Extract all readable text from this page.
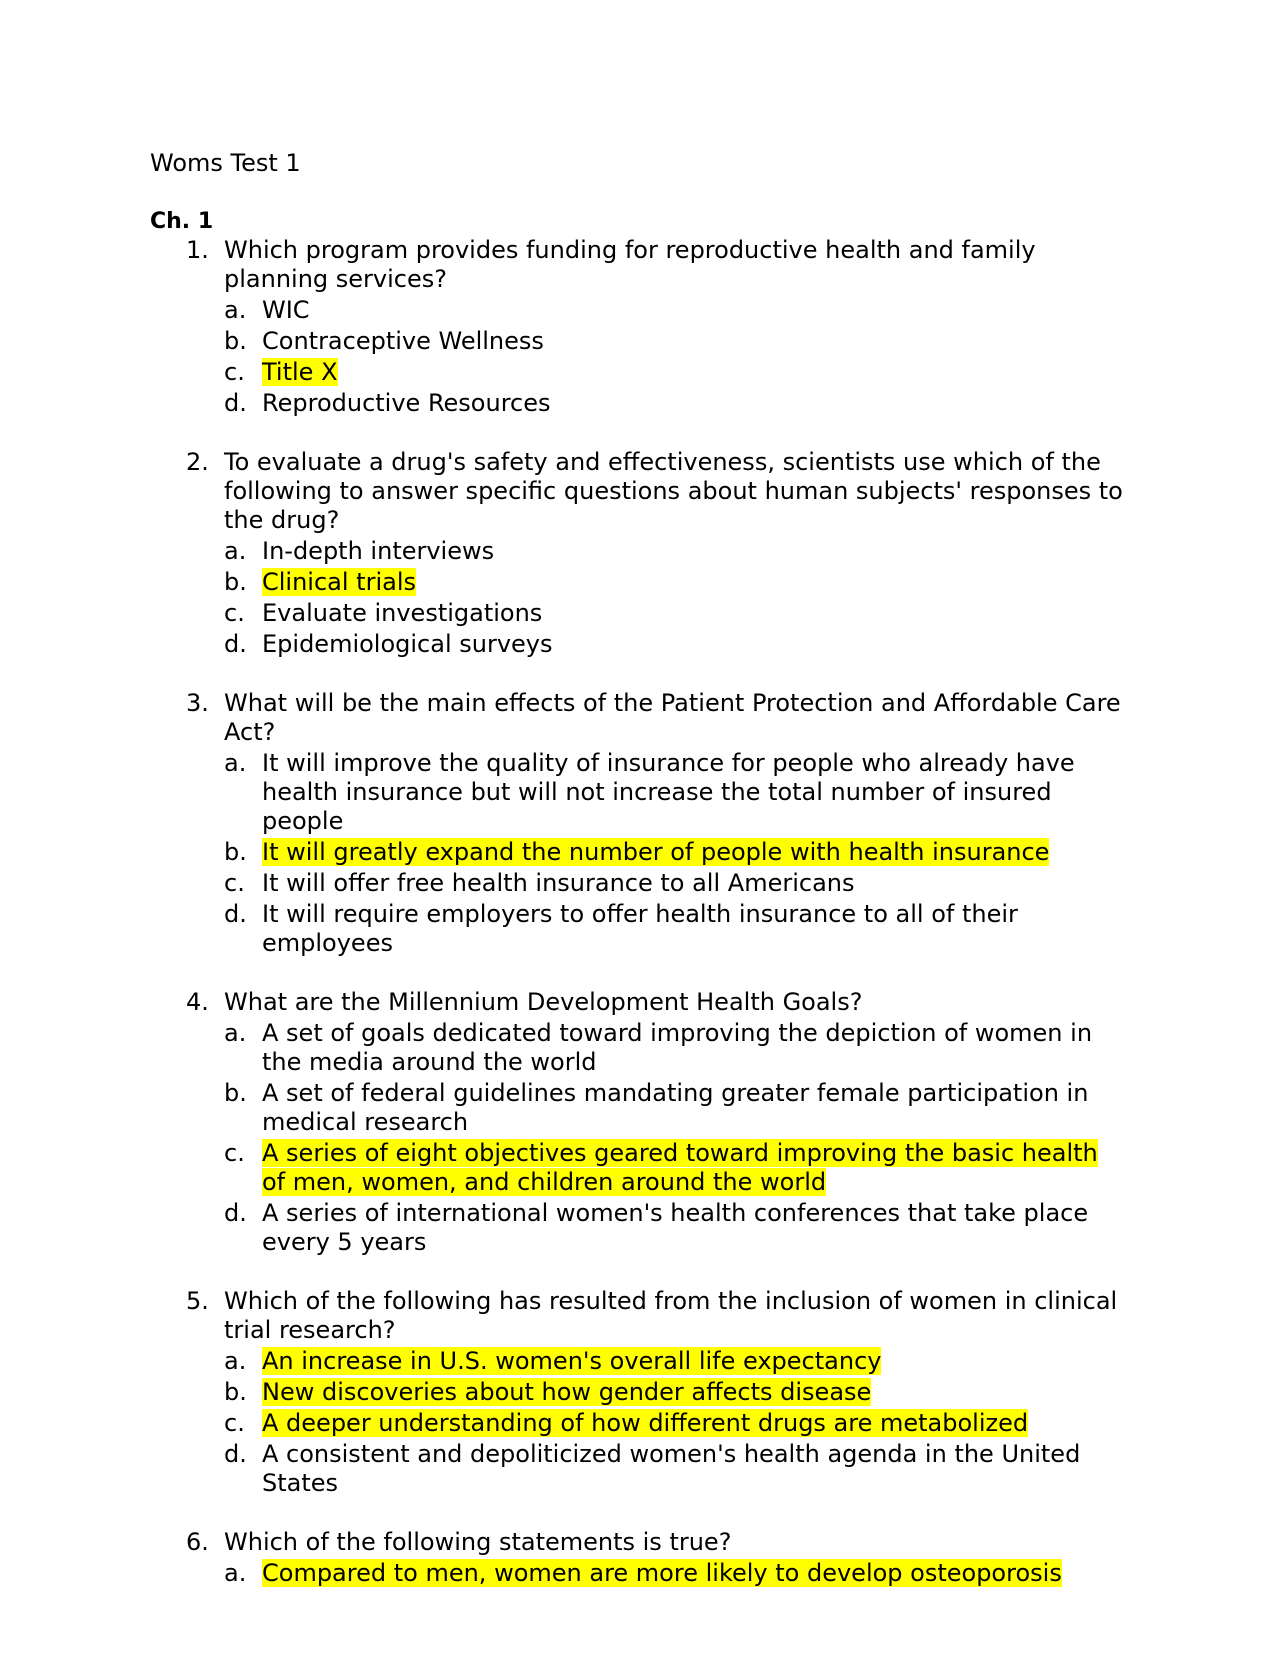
Woms Test 1
Ch. 1
1. Which program provides funding for reproductive health and family planning services?
a. WIC
b. Contraceptive Wellness
c. Title X
d. Reproductive Resources
2. To evaluate a drug's safety and effectiveness, scientists use which of the following to answer specific questions about human subjects' responses to the drug?
a. In-depth interviews
b. Clinical trials
c. Evaluate investigations
d. Epidemiological surveys
3. What will be the main effects of the Patient Protection and Affordable Care Act?
a. It will improve the quality of insurance for people who already have health insurance but will not increase the total number of insured people
b. It will greatly expand the number of people with health insurance
c. It will offer free health insurance to all Americans
d. It will require employers to offer health insurance to all of their employees
4. What are the Millennium Development Health Goals?
a. A set of goals dedicated toward improving the depiction of women in the media around the world
b. A set of federal guidelines mandating greater female participation in medical research
c. A series of eight objectives geared toward improving the basic health of men, women, and children around the world
d. A series of international women's health conferences that take place every 5 years
5. Which of the following has resulted from the inclusion of women in clinical trial research?
a. An increase in U.S. women's overall life expectancy
b. New discoveries about how gender affects disease
c. A deeper understanding of how different drugs are metabolized
d. A consistent and depoliticized women's health agenda in the United States
6. Which of the following statements is true?
a. Compared to men, women are more likely to develop osteoporosis
